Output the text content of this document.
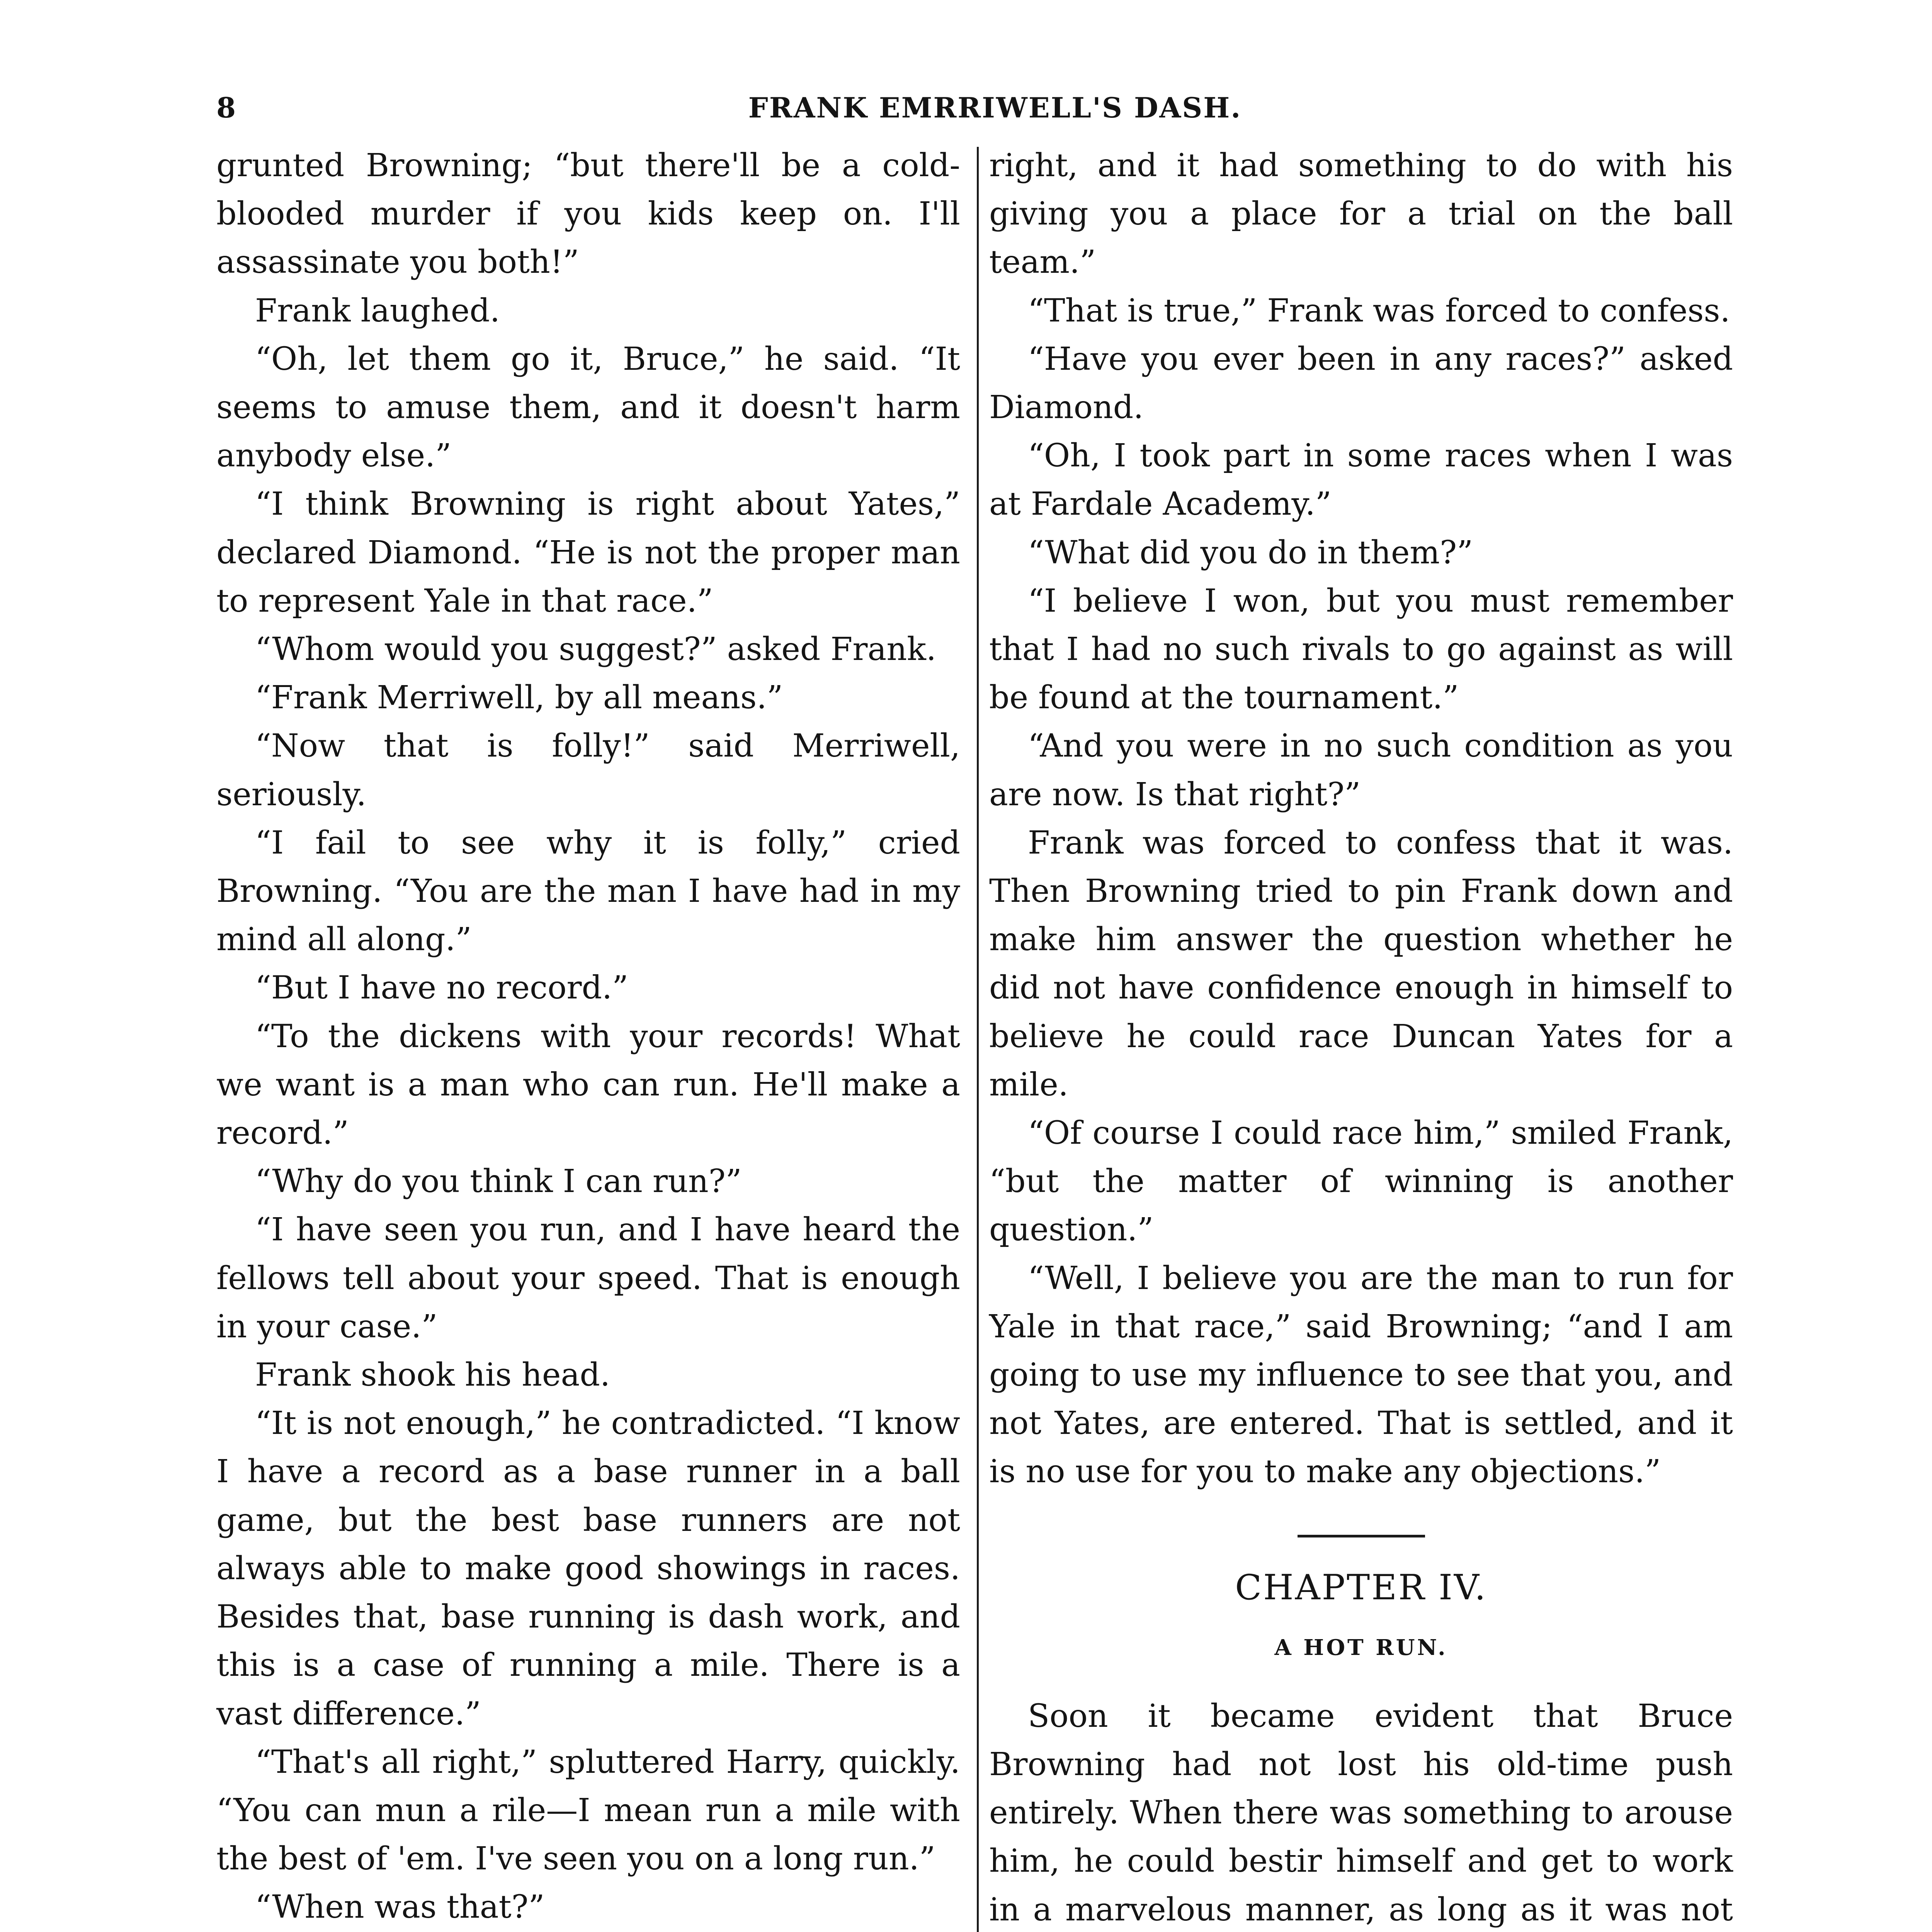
8	FRANK EMRRIWELL'S DASH.

grunted Browning; “but there'll be a cold-blooded murder if you kids keep on. I'll assassinate you both!”

Frank laughed.

“Oh, let them go it, Bruce,” he said. “It seems to amuse them, and it doesn't harm anybody else.”

“I think Browning is right about Yates,” declared Diamond. “He is not the proper man to represent Yale in that race.”

“Whom would you suggest?” asked Frank.

“Frank Merriwell, by all means.”

“Now that is folly!” said Merriwell, seriously.

“I fail to see why it is folly,” cried Browning. “You are the man I have had in my mind all along.”

“But I have no record.”

“To the dickens with your records! What we want is a man who can run. He'll make a record.”

“Why do you think I can run?”

“I have seen you run, and I have heard the fellows tell about your speed. That is enough in your case.”

Frank shook his head.

“It is not enough,” he contradicted. “I know I have a record as a base runner in a ball game, but the best base runners are not always able to make good showings in races. Besides that, base running is dash work, and this is a case of running a mile. There is a vast difference.”

“That's all right,” spluttered Harry, quickly. “You can mun a rile—I mean run a mile with the best of 'em. I've seen you on a long run.”

“When was that?”

right, and it had something to do with his giving you a place for a trial on the ball team.”

“That is true,” Frank was forced to confess.

“Have you ever been in any races?” asked Diamond.

“Oh, I took part in some races when I was at Fardale Academy.”

“What did you do in them?”

“I believe I won, but you must remember that I had no such rivals to go against as will be found at the tournament.”

“And you were in no such condition as you are now. Is that right?”

Frank was forced to confess that it was. Then Browning tried to pin Frank down and make him answer the question whether he did not have confidence enough in himself to believe he could race Duncan Yates for a mile.

“Of course I could race him,” smiled Frank, “but the matter of winning is another question.”

“Well, I believe you are the man to run for Yale in that race,” said Browning; “and I am going to use my influence to see that you, and not Yates, are entered. That is settled, and it is no use for you to make any objections.”

CHAPTER IV.
A HOT RUN.

Soon it became evident that Bruce Browning had not lost his old-time push entirely. When there was something to arouse him, he could bestir himself and get to work in a marvelous manner, as long as it was not
